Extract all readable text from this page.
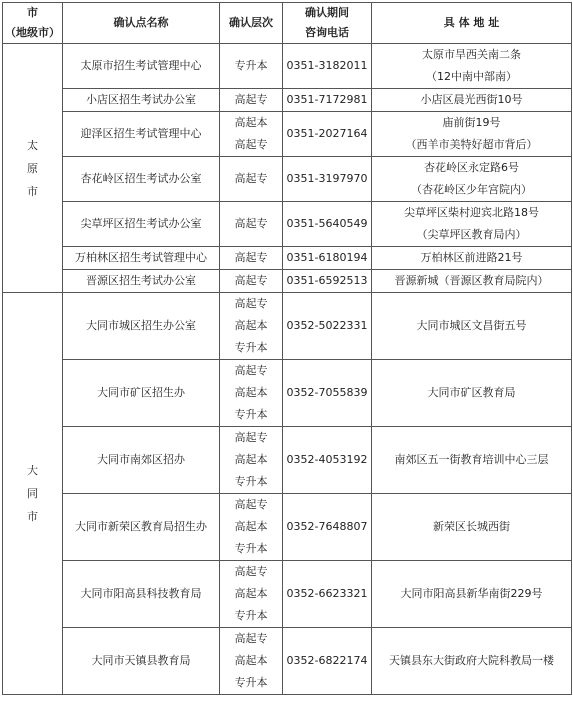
市
（地级市）	确认点名称	确认层次	确认期间
咨询电话	具 体 地 址

太
原
市	太原市招生考试管理中心	专升本	0351-3182011	太原市旱西关南二条
（12中南中部南）

	小店区招生考试办公室	高起专	0351-7172981	小店区晨光西街10号

	迎泽区招生考试管理中心	高起本
高起专	0351-2027164	庙前街19号
（西羊市美特好超市背后）

	杏花岭区招生考试办公室	高起专	0351-3197970	杏花岭区永定路6号
（杏花岭区少年宫院内）

	尖草坪区招生考试办公室	高起专	0351-5640549	尖草坪区柴村迎宾北路18号
（尖草坪区教育局内）

	万柏林区招生考试管理中心	高起专	0351-6180194	万柏林区前进路21号

	晋源区招生考试办公室	高起专	0351-6592513	晋源新城（晋源区教育局院内）

大
同
市	大同市城区招生办公室	高起专
高起本
专升本	0352-5022331	大同市城区文昌街五号

	大同市矿区招生办	高起专
高起本
专升本	0352-7055839	大同市矿区教育局

	大同市南郊区招办	高起专
高起本
专升本	0352-4053192	南郊区五一街教育培训中心三层

	大同市新荣区教育局招生办	高起专
高起本
专升本	0352-7648807	新荣区长城西街

	大同市阳高县科技教育局	高起专
高起本
专升本	0352-6623321	大同市阳高县新华南街229号

	大同市天镇县教育局	高起专
高起本
专升本	0352-6822174	天镇县东大街政府大院科教局一楼
